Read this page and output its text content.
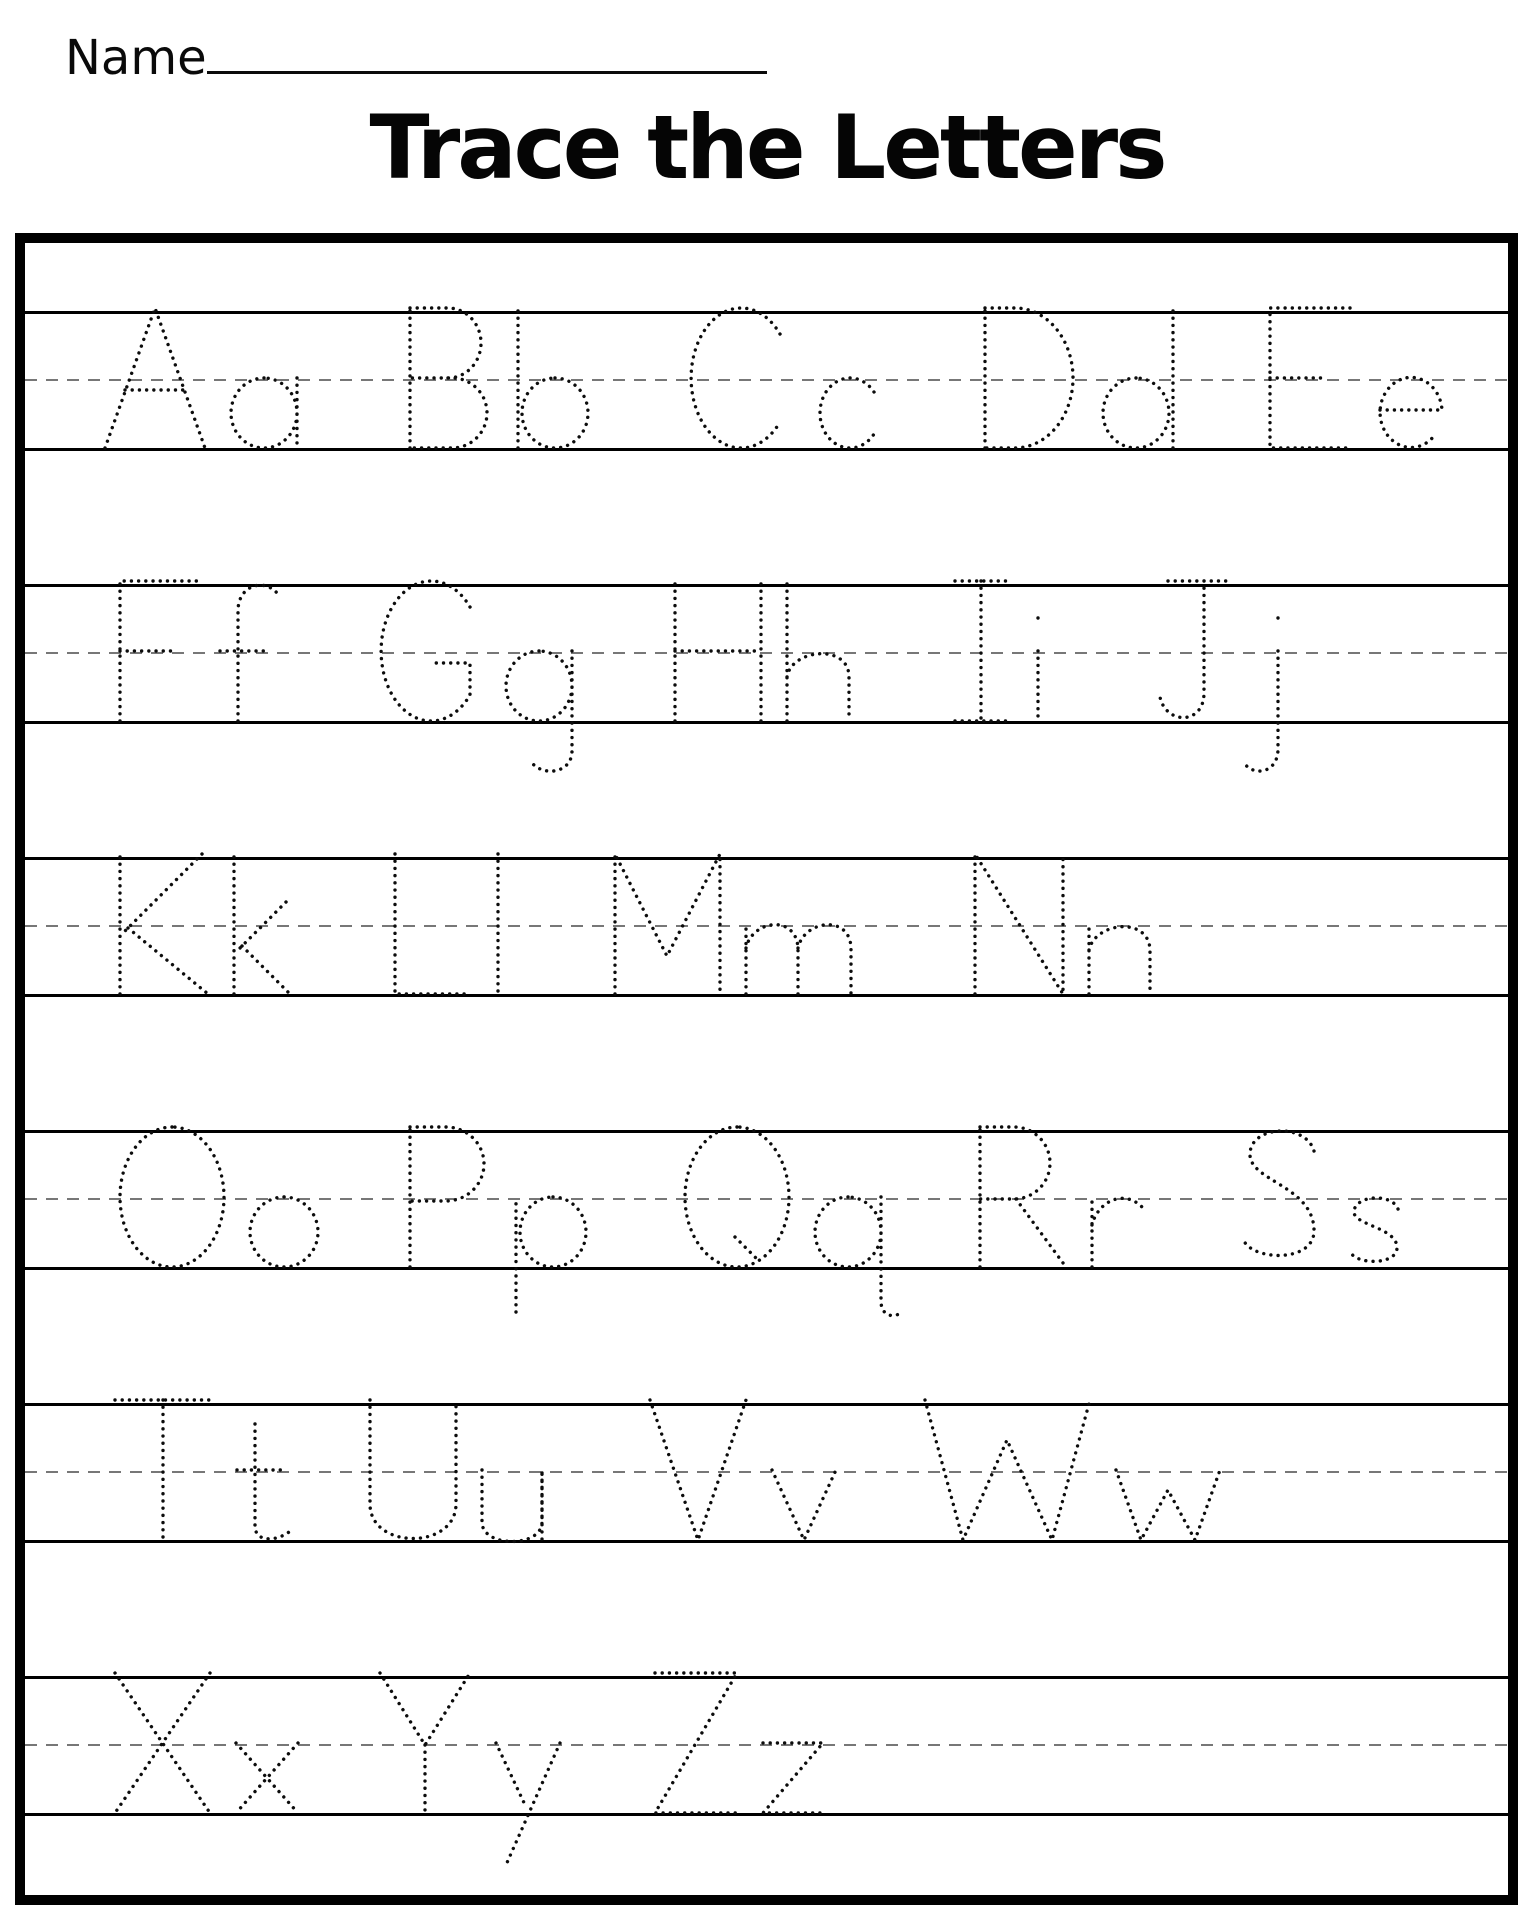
Name
Trace the Letters
